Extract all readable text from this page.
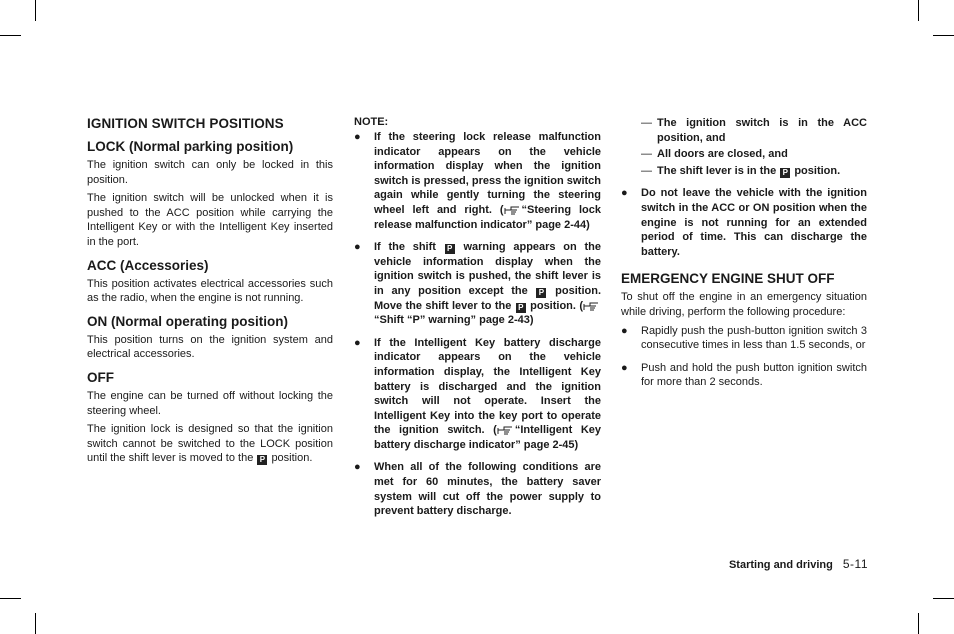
IGNITION SWITCH POSITIONS
LOCK (Normal parking position)
The ignition switch can only be locked in this position.
The ignition switch will be unlocked when it is pushed to the ACC position while carrying the Intelligent Key or with the Intelligent Key inserted in the port.
ACC (Accessories)
This position activates electrical accessories such as the radio, when the engine is not running.
ON (Normal operating position)
This position turns on the ignition system and electrical accessories.
OFF
The engine can be turned off without locking the steering wheel.
The ignition lock is designed so that the ignition switch cannot be switched to the LOCK position until the shift lever is moved to the P position.
NOTE:
● If the steering lock release malfunction indicator appears on the vehicle information display when the ignition switch is pressed, press the ignition switch again while gently turning the steering wheel left and right. ( “Steering lock release malfunction indicator” page 2-44)
● If the shift P warning appears on the vehicle information display when the ignition switch is pushed, the shift lever is in any position except the P position. Move the shift lever to the P position. (“Shift “P” warning” page 2-43)
● If the Intelligent Key battery discharge indicator appears on the vehicle information display, the Intelligent Key battery is discharged and the ignition switch will not operate. Insert the Intelligent Key into the key port to operate the ignition switch. ( “Intelligent Key battery discharge indicator” page 2-45)
● When all of the following conditions are met for 60 minutes, the battery saver system will cut off the power supply to prevent battery discharge.
— The ignition switch is in the ACC position, and
— All doors are closed, and
— The shift lever is in the P position.
● Do not leave the vehicle with the ignition switch in the ACC or ON position when the engine is not running for an extended period of time. This can discharge the battery.
EMERGENCY ENGINE SHUT OFF
To shut off the engine in an emergency situation while driving, perform the following procedure:
● Rapidly push the push-button ignition switch 3 consecutive times in less than 1.5 seconds, or
● Push and hold the push button ignition switch for more than 2 seconds.
Starting and driving 5-11
